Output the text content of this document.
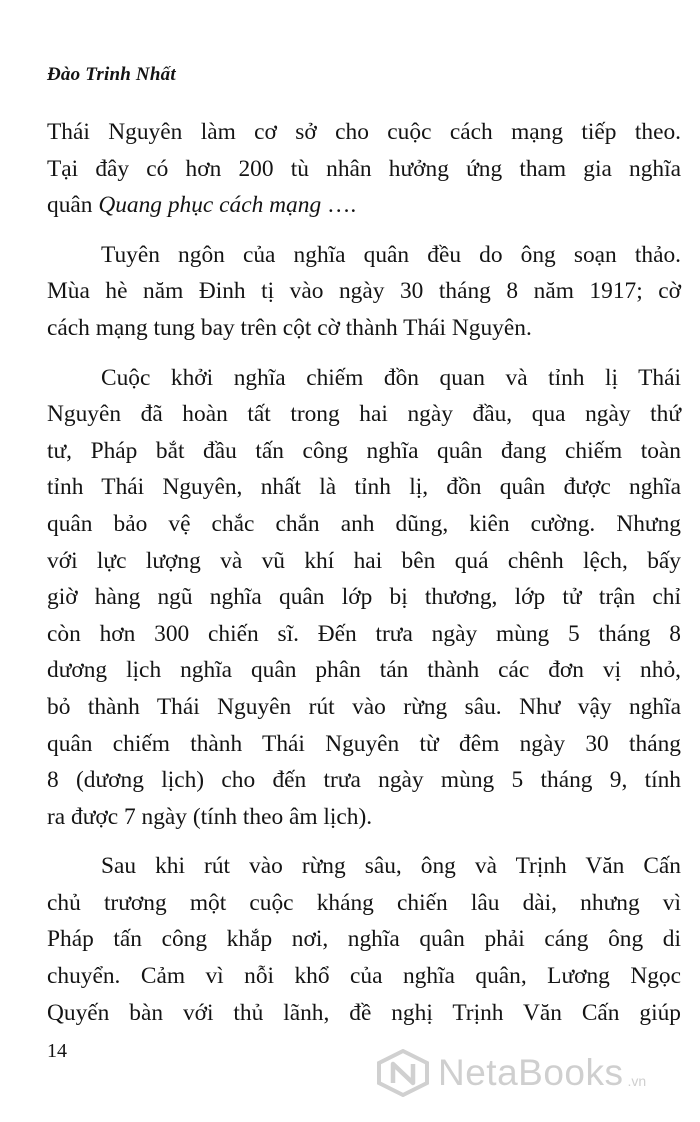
Đào Trinh Nhất
Thái Nguyên làm cơ sở cho cuộc cách mạng tiếp theo.
Tại đây có hơn 200 tù nhân hưởng ứng tham gia nghĩa
quân Quang phục cách mạng ….
Tuyên ngôn của nghĩa quân đều do ông soạn thảo.
Mùa hè năm Đinh tị vào ngày 30 tháng 8 năm 1917; cờ
cách mạng tung bay trên cột cờ thành Thái Nguyên.
Cuộc khởi nghĩa chiếm đồn quan và tỉnh lị Thái
Nguyên đã hoàn tất trong hai ngày đầu, qua ngày thứ
tư, Pháp bắt đầu tấn công nghĩa quân đang chiếm toàn
tỉnh Thái Nguyên, nhất là tỉnh lị, đồn quân được nghĩa
quân bảo vệ chắc chắn anh dũng, kiên cường. Nhưng
với lực lượng và vũ khí hai bên quá chênh lệch, bấy
giờ hàng ngũ nghĩa quân lớp bị thương, lớp tử trận chỉ
còn hơn 300 chiến sĩ. Đến trưa ngày mùng 5 tháng 8
dương lịch nghĩa quân phân tán thành các đơn vị nhỏ,
bỏ thành Thái Nguyên rút vào rừng sâu. Như vậy nghĩa
quân chiếm thành Thái Nguyên từ đêm ngày 30 tháng
8 (dương lịch) cho đến trưa ngày mùng 5 tháng 9, tính
ra được 7 ngày (tính theo âm lịch).
Sau khi rút vào rừng sâu, ông và Trịnh Văn Cấn
chủ trương một cuộc kháng chiến lâu dài, nhưng vì
Pháp tấn công khắp nơi, nghĩa quân phải cáng ông di
chuyển. Cảm vì nỗi khổ của nghĩa quân, Lương Ngọc
Quyến bàn với thủ lãnh, đề nghị Trịnh Văn Cấn giúp
14
NetaBooks .vn
